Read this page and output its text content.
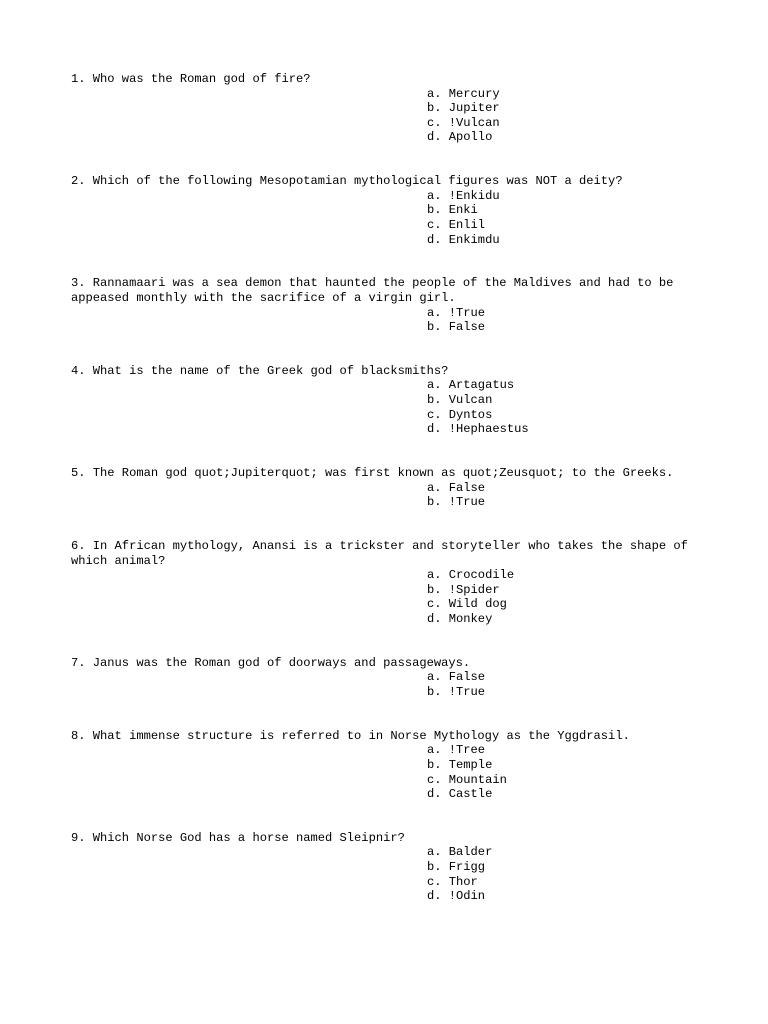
1. Who was the Roman god of fire?
a. Mercury
b. Jupiter
c. !Vulcan
d. Apollo
2. Which of the following Mesopotamian mythological figures was NOT a deity?
a. !Enkidu
b. Enki
c. Enlil
d. Enkimdu
3. Rannamaari was a sea demon that haunted the people of the Maldives and had to be appeased monthly with the sacrifice of a virgin girl.
a. !True
b. False
4. What is the name of the Greek god of blacksmiths?
a. Artagatus
b. Vulcan
c. Dyntos
d. !Hephaestus
5. The Roman god quot;Jupiterquot; was first known as quot;Zeusquot; to the Greeks.
a. False
b. !True
6. In African mythology, Anansi is a trickster and storyteller who takes the shape of which animal?
a. Crocodile
b. !Spider
c. Wild dog
d. Monkey
7. Janus was the Roman god of doorways and passageways.
a. False
b. !True
8. What immense structure is referred to in Norse Mythology as the Yggdrasil.
a. !Tree
b. Temple
c. Mountain
d. Castle
9. Which Norse God has a horse named Sleipnir?
a. Balder
b. Frigg
c. Thor
d. !Odin
